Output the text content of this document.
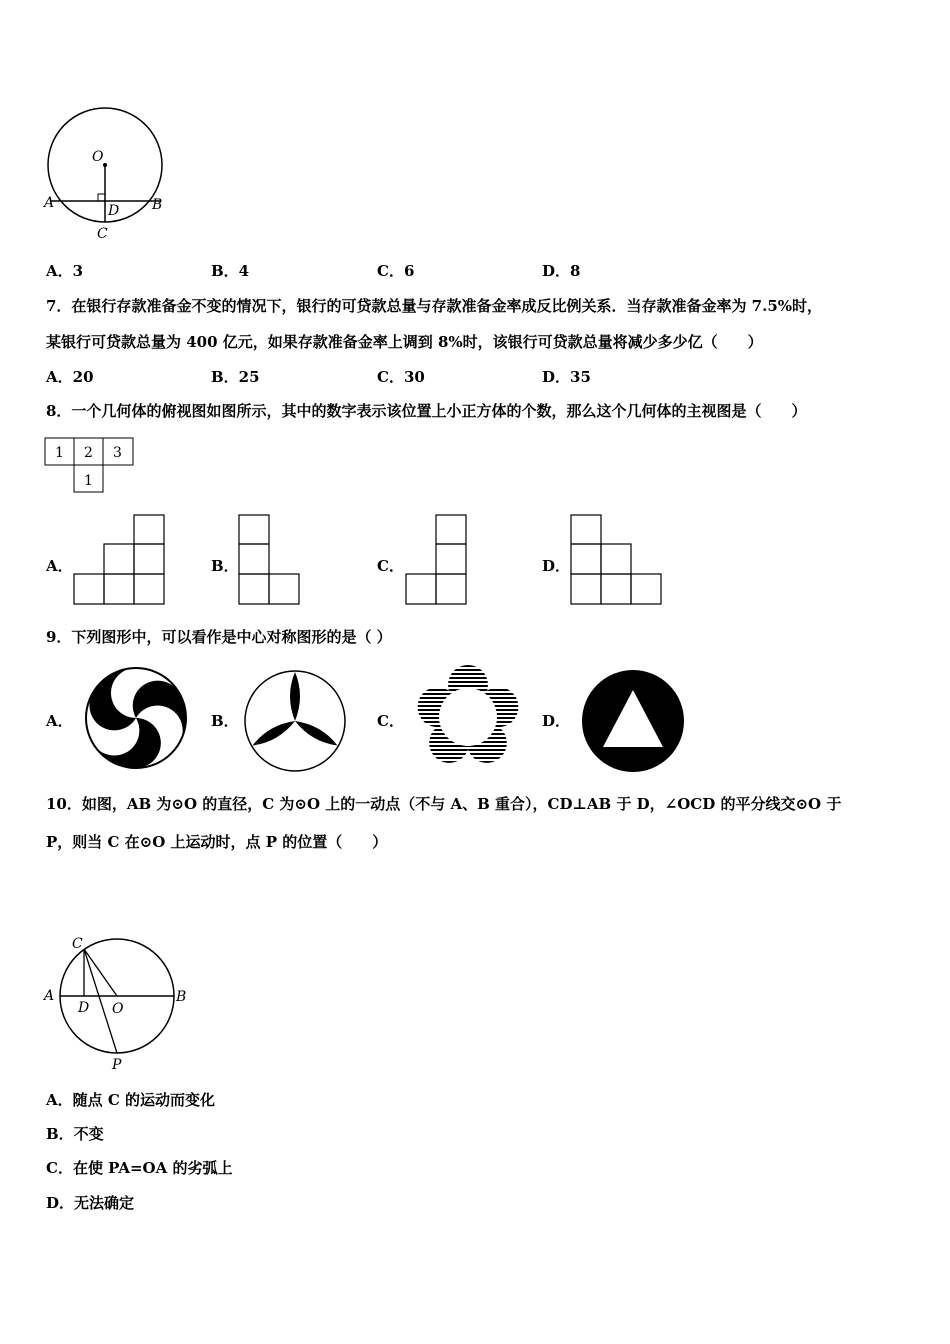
O
A	B
D
C
A．3	B．4	C．6	D．8
7．在银行存款准备金不变的情况下，银行的可贷款总量与存款准备金率成反比例关系．当存款准备金率为 7.5%时，
某银行可贷款总量为 400 亿元，如果存款准备金率上调到 8%时，该银行可贷款总量将减少多少亿（　　）
A．20	B．25	C．30	D．35
8．一个几何体的俯视图如图所示，其中的数字表示该位置上小正方体的个数，那么这个几何体的主视图是（　　）
1 2 3
1
A．	B．	C．	D．
9．下列图形中，可以看作是中心对称图形的是（ ）
A．	B．	C．	D．
10．如图，AB 为⊙O 的直径，C 为⊙O 上的一动点（不与 A、B 重合），CD⊥AB 于 D，∠OCD 的平分线交⊙O 于
P，则当 C 在⊙O 上运动时，点 P 的位置（　　）
C
A	B
D O
P
A．随点 C 的运动而变化
B．不变
C．在使 PA=OA 的劣弧上
D．无法确定
